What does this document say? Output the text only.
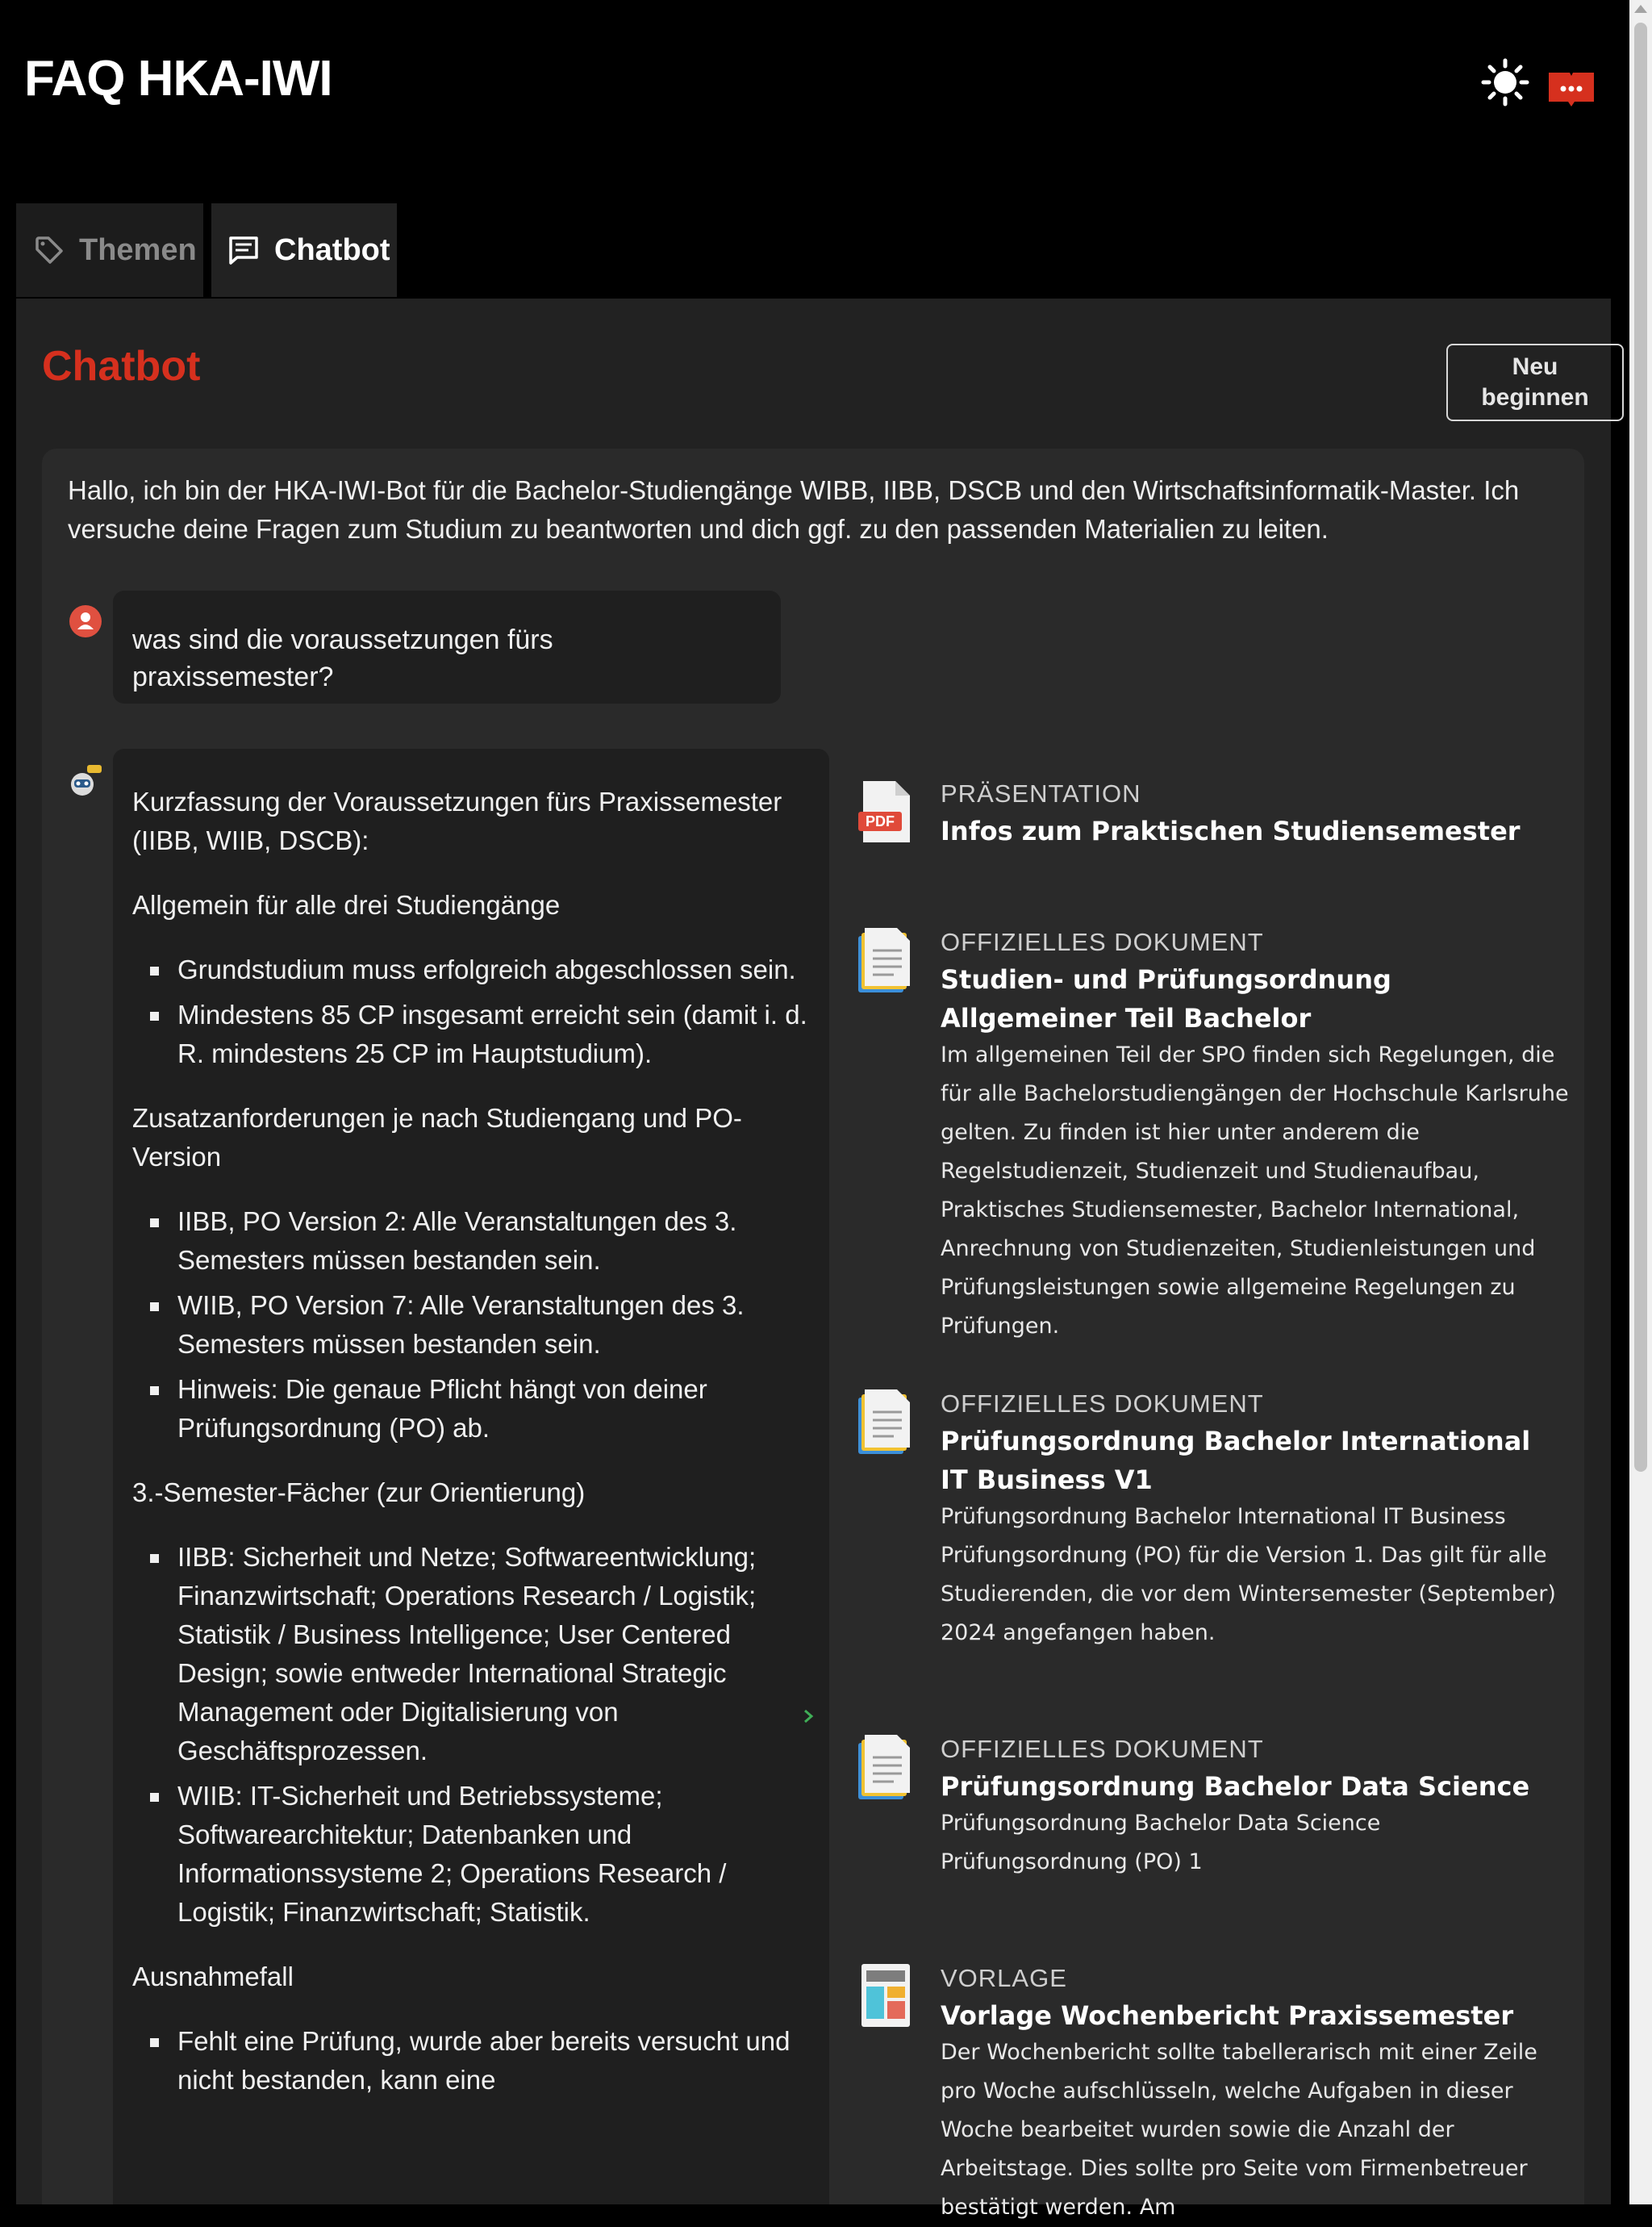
FAQ HKA-IWI
Themen	Chatbot
Chatbot	Neu beginnen

Hallo, ich bin der HKA-IWI-Bot für die Bachelor-Studiengänge WIBB, IIBB, DSCB und den Wirtschaftsinformatik-Master. Ich versuche deine Fragen zum Studium zu beantworten und dich ggf. zu den passenden Materialien zu leiten.

was sind die voraussetzungen fürs praxissemester?

Kurzfassung der Voraussetzungen fürs Praxissemester (IIBB, WIIB, DSCB):

Allgemein für alle drei Studiengänge

Grundstudium muss erfolgreich abgeschlossen sein.
Mindestens 85 CP insgesamt erreicht sein (damit i. d. R. mindestens 25 CP im Hauptstudium).

Zusatzanforderungen je nach Studiengang und PO-Version

IIBB, PO Version 2: Alle Veranstaltungen des 3. Semesters müssen bestanden sein.
WIIB, PO Version 7: Alle Veranstaltungen des 3. Semesters müssen bestanden sein.
Hinweis: Die genaue Pflicht hängt von deiner Prüfungsordnung (PO) ab.

3.-Semester-Fächer (zur Orientierung)

IIBB: Sicherheit und Netze; Softwareentwicklung; Finanzwirtschaft; Operations Research / Logistik; Statistik / Business Intelligence; User Centered Design; sowie entweder International Strategic Management oder Digitalisierung von Geschäftsprozessen.
WIIB: IT-Sicherheit und Betriebssysteme; Softwarearchitektur; Datenbanken und Informationssysteme 2; Operations Research / Logistik; Finanzwirtschaft; Statistik.

Ausnahmefall

Fehlt eine Prüfung, wurde aber bereits versucht und nicht bestanden, kann eine
PDF

PRÄSENTATION

Infos zum Praktischen Studiensemester

OFFIZIELLES DOKUMENT

Studien- und Prüfungsordnung Allgemeiner Teil Bachelor

Im allgemeinen Teil der SPO finden sich Regelungen, die für alle Bachelorstudiengängen der Hochschule Karlsruhe gelten. Zu finden ist hier unter anderem die Regelstudienzeit, Studienzeit und Studienaufbau, Praktisches Studiensemester, Bachelor International, Anrechnung von Studienzeiten, Studienleistungen und Prüfungsleistungen sowie allgemeine Regelungen zu Prüfungen.

OFFIZIELLES DOKUMENT

Prüfungsordnung Bachelor International IT Business V1

Prüfungsordnung Bachelor International IT Business Prüfungsordnung (PO) für die Version 1. Das gilt für alle Studierenden, die vor dem Wintersemester (September) 2024 angefangen haben.

OFFIZIELLES DOKUMENT

Prüfungsordnung Bachelor Data Science

Prüfungsordnung Bachelor Data Science Prüfungsordnung (PO) 1

VORLAGE

Vorlage Wochenbericht Praxissemester

Der Wochenbericht sollte tabellerarisch mit einer Zeile pro Woche aufschlüsseln, welche Aufgaben in dieser Woche bearbeitet wurden sowie die Anzahl der Arbeitstage. Dies sollte pro Seite vom Firmenbetreuer bestätigt werden. Am
